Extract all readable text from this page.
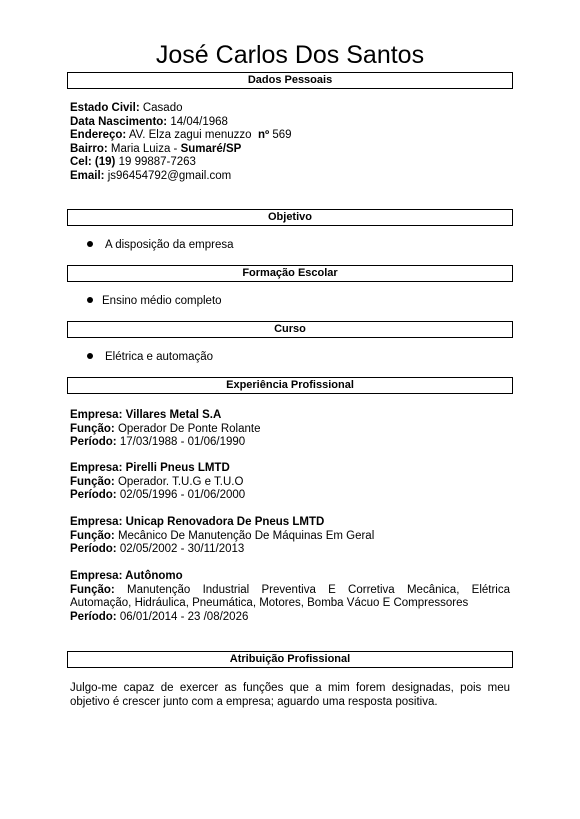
José Carlos Dos Santos
Dados Pessoais
Estado Civil: Casado
Data Nascimento: 14/04/1968
Endereço: AV. Elza zagui menuzzo nº 569
Bairro: Maria Luiza - Sumaré/SP
Cel: (19) 19 99887-7263
Email: js96454792@gmail.com
Objetivo
A disposição da empresa
Formação Escolar
Ensino médio completo
Curso
Elétrica e automação
Experiência Profissional
Empresa: Villares Metal S.A
Função: Operador De Ponte Rolante
Período: 17/03/1988 - 01/06/1990
Empresa: Pirelli Pneus LMTD
Função: Operador. T.U.G e T.U.O
Período: 02/05/1996 - 01/06/2000
Empresa: Unicap Renovadora De Pneus LMTD
Função: Mecânico De Manutenção De Máquinas Em Geral
Período: 02/05/2002 - 30/11/2013
Empresa: Autônomo
Função: Manutenção Industrial Preventiva E Corretiva Mecânica, Elétrica Automação, Hidráulica, Pneumática, Motores, Bomba Vácuo E Compressores
Período: 06/01/2014 - 23 /08/2026
Atribuição Profissional
Julgo-me capaz de exercer as funções que a mim forem designadas, pois meu objetivo é crescer junto com a empresa; aguardo uma resposta positiva.
